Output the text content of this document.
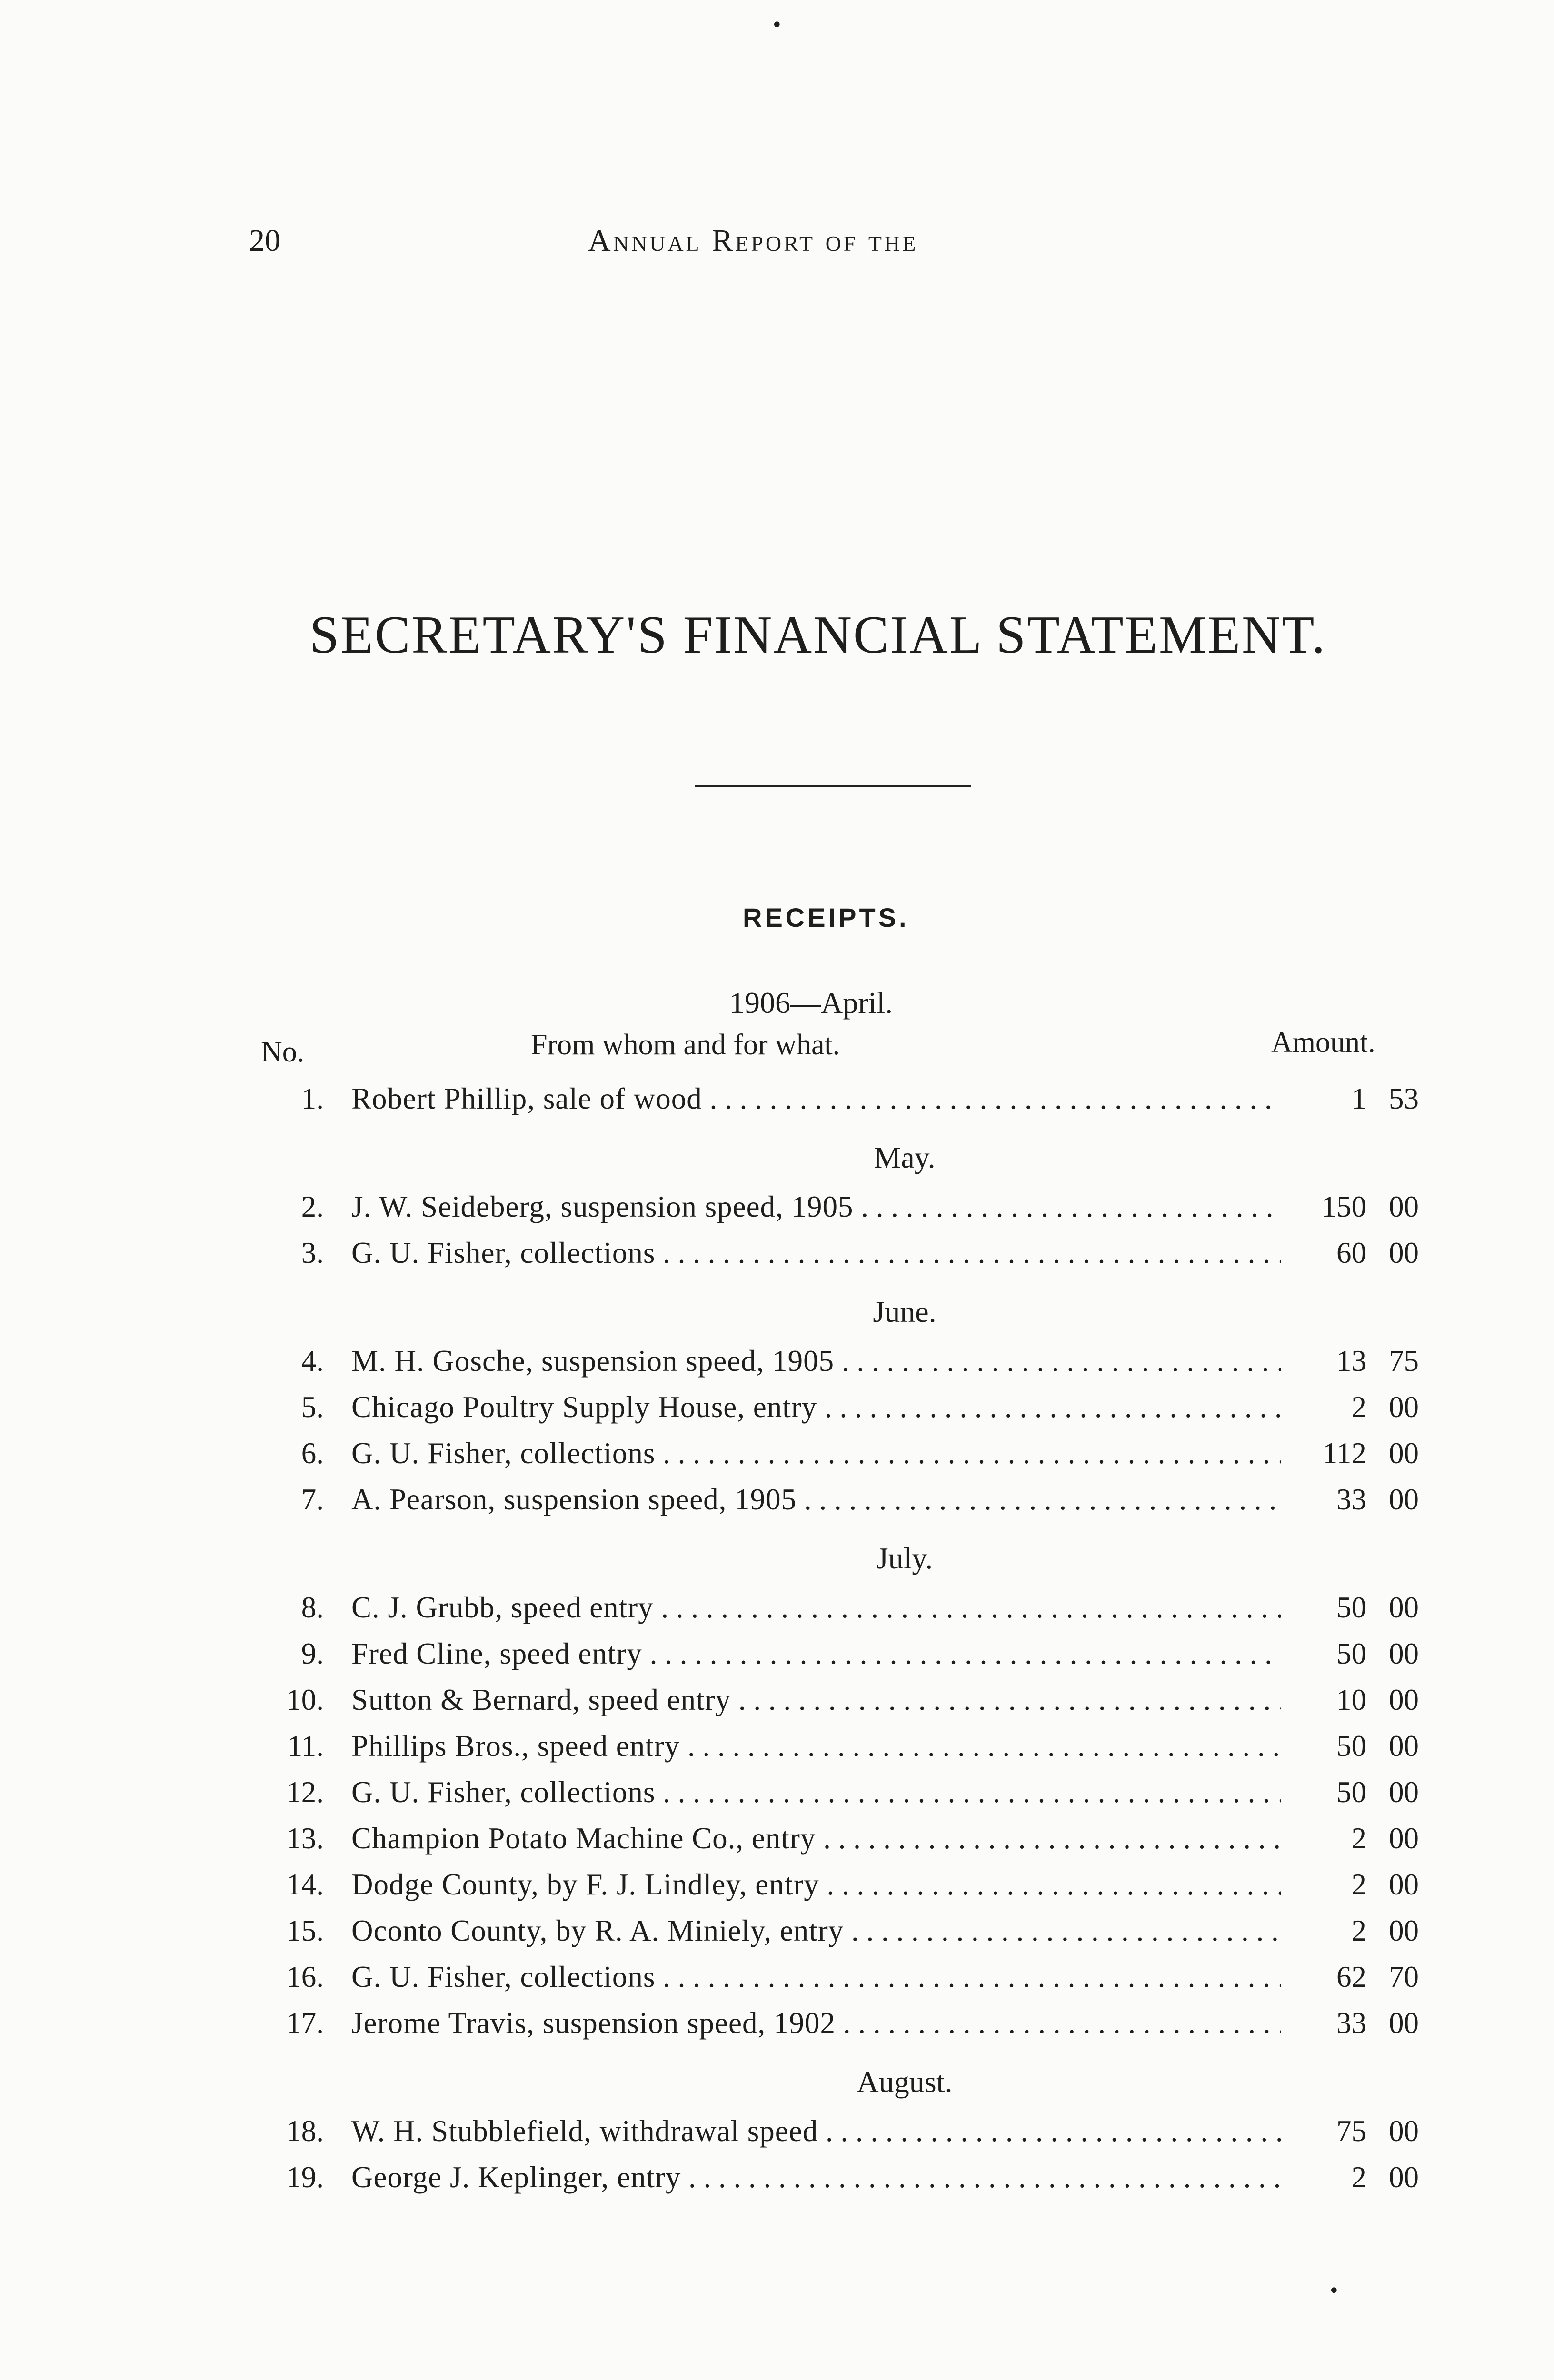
20	Annual Report of the
SECRETARY'S FINANCIAL STATEMENT.
RECEIPTS.
1906—April.
No.	From whom and for what.	Amount.
1. Robert Phillip, sale of wood . . .	1 53
May.
2. J. W. Seideberg, suspension speed, 1905 . . .	150 00
3. G. U. Fisher, collections . . .	60 00
June.
4. M. H. Gosche, suspension speed, 1905 . . .	13 75
5. Chicago Poultry Supply House, entry . . .	2 00
6. G. U. Fisher, collections . . .	112 00
7. A. Pearson, suspension speed, 1905 . . .	33 00
July.
8. C. J. Grubb, speed entry . . .	50 00
9. Fred Cline, speed entry . . .	50 00
10. Sutton & Bernard, speed entry . . .	10 00
11. Phillips Bros., speed entry . . .	50 00
12. G. U. Fisher, collections . . .	50 00
13. Champion Potato Machine Co., entry . . .	2 00
14. Dodge County, by F. J. Lindley, entry . . .	2 00
15. Oconto County, by R. A. Miniely, entry . . .	2 00
16. G. U. Fisher, collections . . .	62 70
17. Jerome Travis, suspension speed, 1902 . . .	33 00
August.
18. W. H. Stubblefield, withdrawal speed . . .	75 00
19. George J. Keplinger, entry . . .	2 00
•
•
